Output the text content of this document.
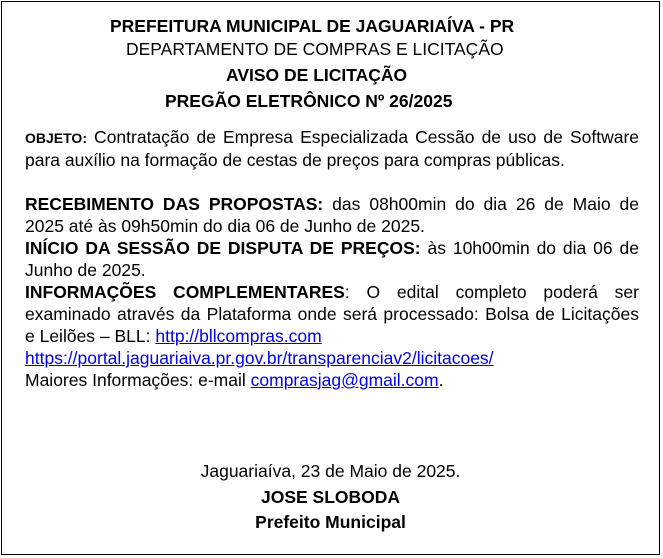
PREFEITURA MUNICIPAL DE JAGUARIAÍVA - PR
DEPARTAMENTO DE COMPRAS E LICITAÇÃO
AVISO DE LICITAÇÃO
PREGÃO ELETRÔNICO Nº 26/2025

OBJETO: Contratação de Empresa Especializada Cessão de uso de Software para auxílio na formação de cestas de preços para compras públicas.

RECEBIMENTO DAS PROPOSTAS: das 08h00min do dia 26 de Maio de 2025 até às 09h50min do dia 06 de Junho de 2025.

INÍCIO DA SESSÃO DE DISPUTA DE PREÇOS: às 10h00min do dia 06 de Junho de 2025.

INFORMAÇÕES COMPLEMENTARES: O edital completo poderá ser examinado através da Plataforma onde será processado: Bolsa de Licitações e Leilões – BLL: http://bllcompras.com
https://portal.jaguariaiva.pr.gov.br/transparenciav2/licitacoes/
Maiores Informações: e-mail comprasjag@gmail.com.

Jaguariaíva, 23 de Maio de 2025.
JOSE SLOBODA
Prefeito Municipal
